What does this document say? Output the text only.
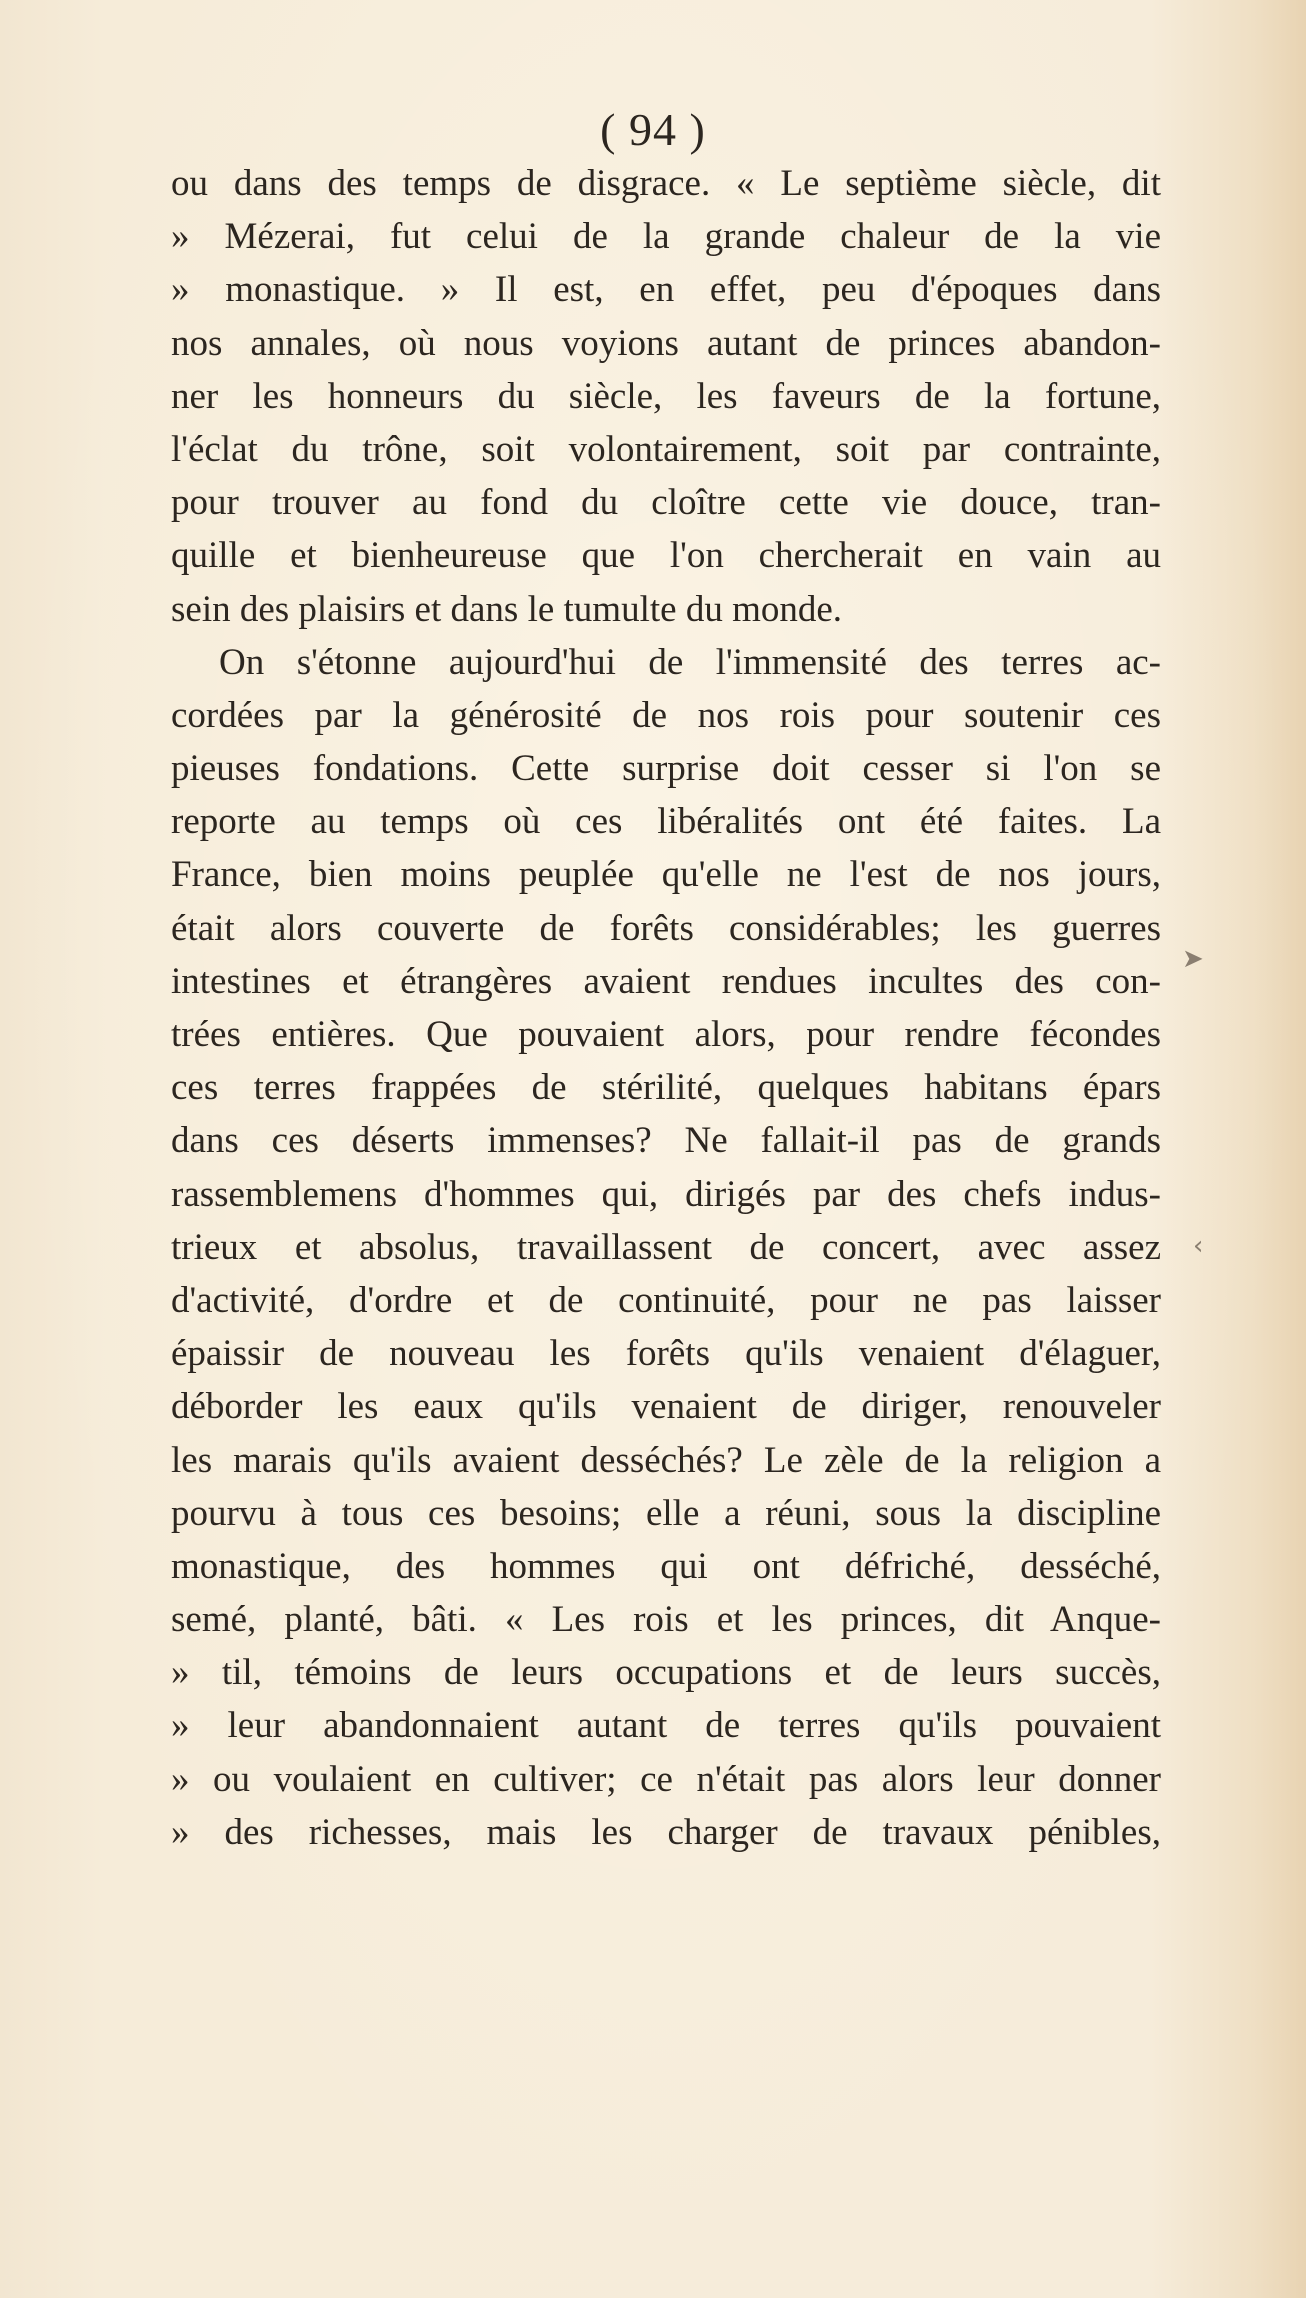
( 94 )
ou dans des temps de disgrace. « Le septième siècle, dit
» Mézerai, fut celui de la grande chaleur de la vie
» monastique. » Il est, en effet, peu d'époques dans
nos annales, où nous voyions autant de princes abandon-
ner les honneurs du siècle, les faveurs de la fortune,
l'éclat du trône, soit volontairement, soit par contrainte,
pour trouver au fond du cloître cette vie douce, tran-
quille et bienheureuse que l'on chercherait en vain au
sein des plaisirs et dans le tumulte du monde.
On s'étonne aujourd'hui de l'immensité des terres ac-
cordées par la générosité de nos rois pour soutenir ces
pieuses fondations. Cette surprise doit cesser si l'on se
reporte au temps où ces libéralités ont été faites. La
France, bien moins peuplée qu'elle ne l'est de nos jours,
était alors couverte de forêts considérables; les guerres
intestines et étrangères avaient rendues incultes des con-
trées entières. Que pouvaient alors, pour rendre fécondes
ces terres frappées de stérilité, quelques habitans épars
dans ces déserts immenses? Ne fallait-il pas de grands
rassemblemens d'hommes qui, dirigés par des chefs indus-
trieux et absolus, travaillassent de concert, avec assez
d'activité, d'ordre et de continuité, pour ne pas laisser
épaissir de nouveau les forêts qu'ils venaient d'élaguer,
déborder les eaux qu'ils venaient de diriger, renouveler
les marais qu'ils avaient desséchés? Le zèle de la religion a
pourvu à tous ces besoins; elle a réuni, sous la discipline
monastique, des hommes qui ont défriché, desséché,
semé, planté, bâti. « Les rois et les princes, dit Anque-
» til, témoins de leurs occupations et de leurs succès,
» leur abandonnaient autant de terres qu'ils pouvaient
» ou voulaient en cultiver; ce n'était pas alors leur donner
» des richesses, mais les charger de travaux pénibles,
➤
‹
